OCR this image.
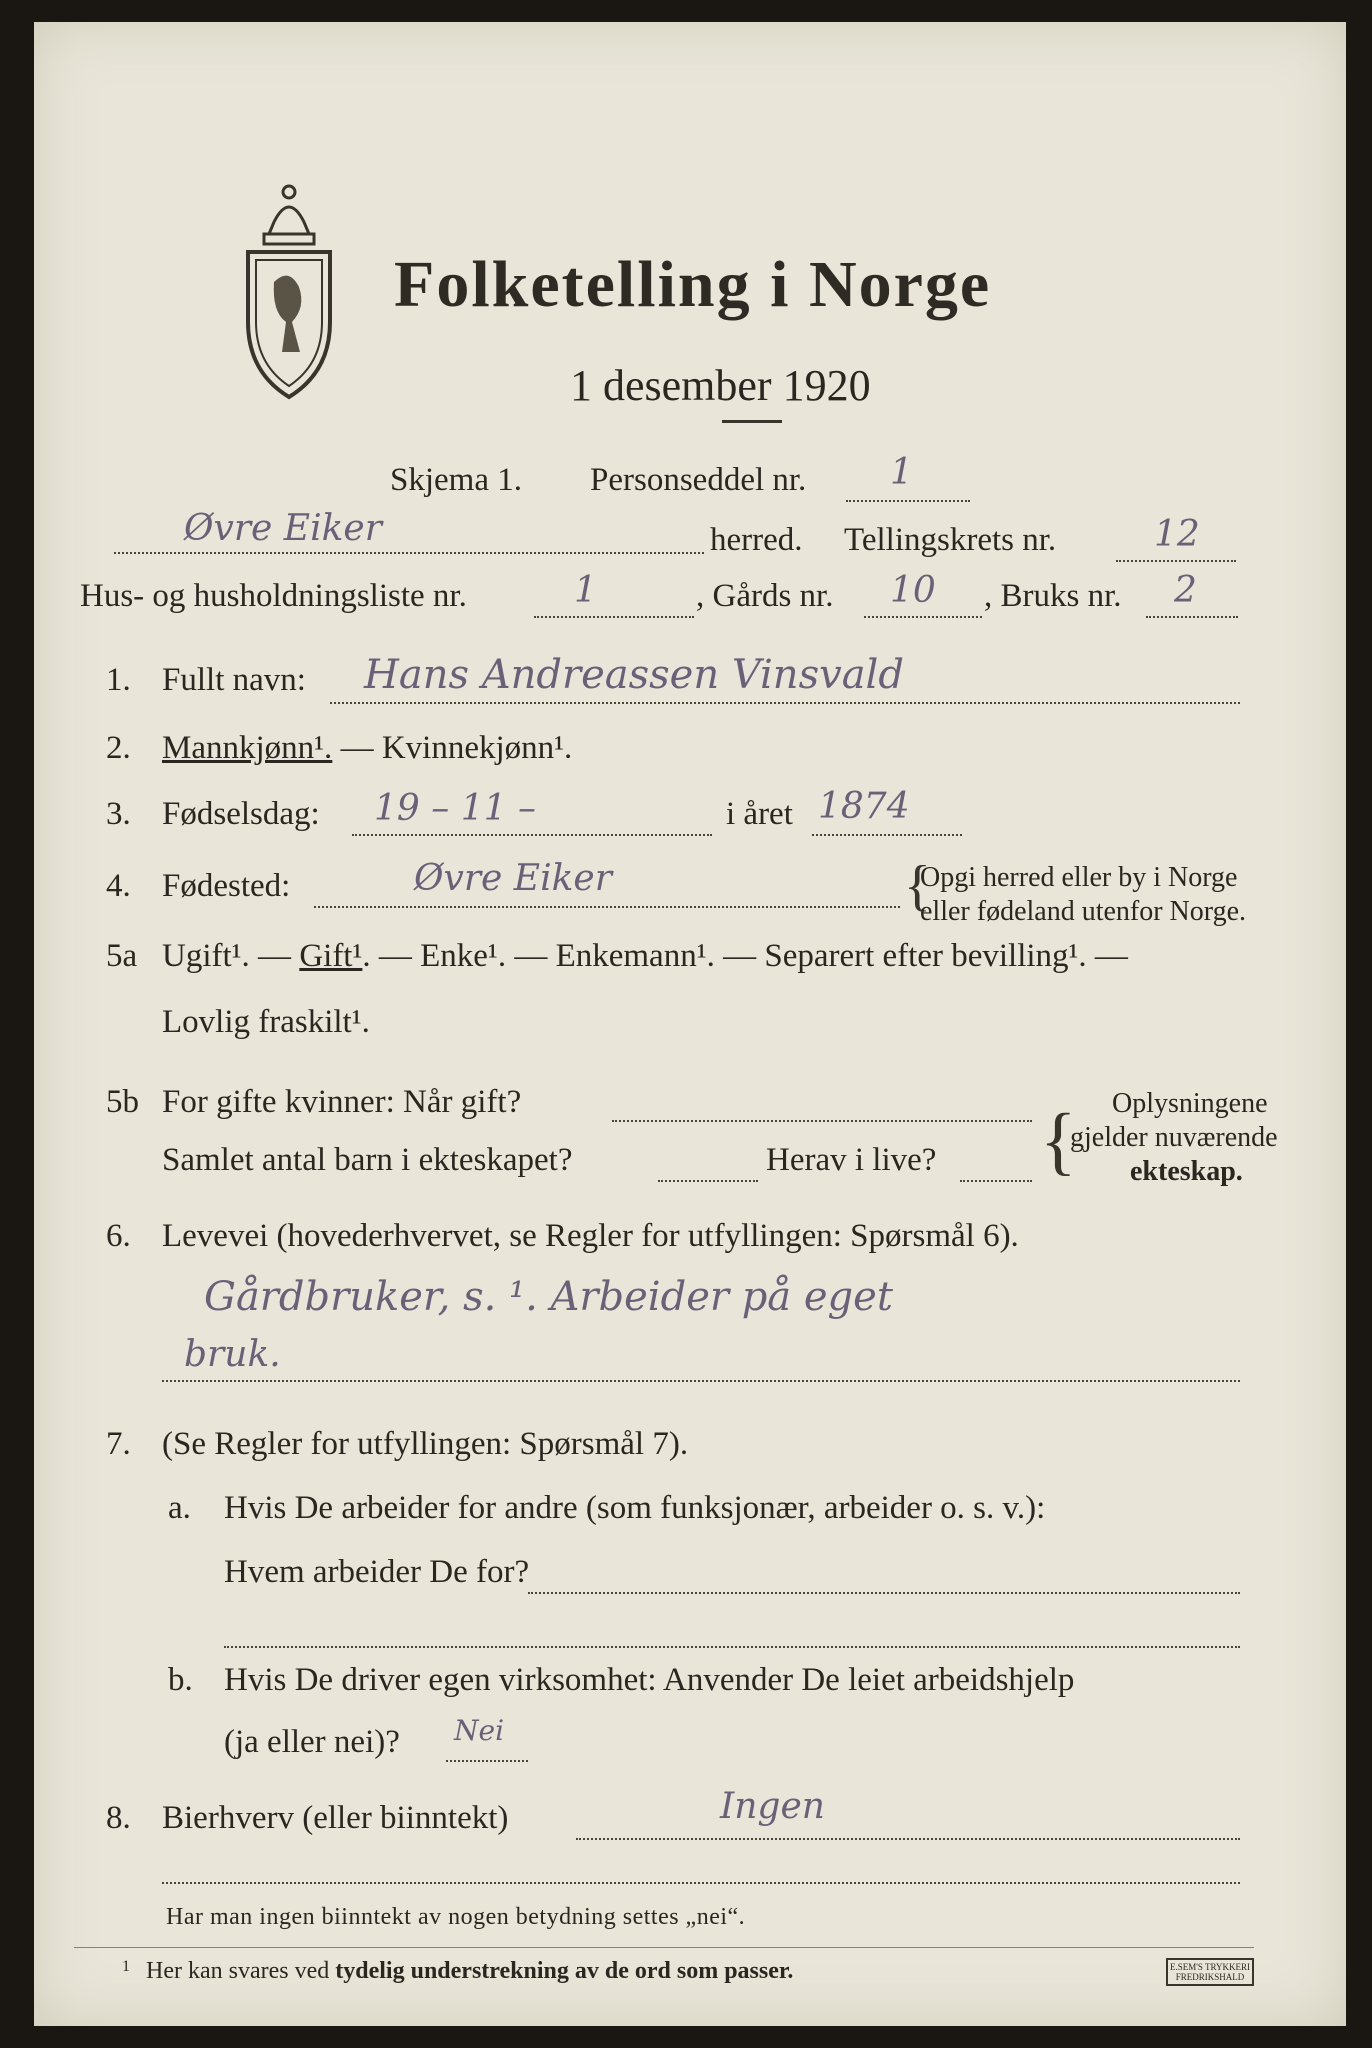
Folketelling i Norge
1 desember 1920
Skjema 1. Personseddel nr. 1
Øvre Eiker	herred. Tellingskrets nr.	12
Hus- og husholdningsliste nr.	1	, Gårds nr. 10 , Bruks nr. 2
1. Fullt navn: Hans Andreassen Vinsvald
2. Mannkjønn¹. — Kvinnekjønn¹.
3. Fødselsdag: 19 – 11 –	i året 1874
4. Fødested:	Øvre Eiker	{
Opgi herred eller by i Norge
eller fødeland utenfor Norge.
5a Ugift¹. — Gift¹. — Enke¹. — Enkemann¹. — Separert efter bevilling¹. —
Lovlig fraskilt¹.
5b For gifte kvinner: Når gift?
Samlet antal barn i ekteskapet?	Herav i live? { Oplysningene
gjelder nuværende
ekteskap.
6. Levevei (hovederhvervet, se Regler for utfyllingen: Spørsmål 6).
Gårdbruker, s. ¹. Arbeider på eget
bruk.
7. (Se Regler for utfyllingen: Spørsmål 7).
a. Hvis De arbeider for andre (som funksjonær, arbeider o. s. v.):
Hvem arbeider De for?
b. Hvis De driver egen virksomhet: Anvender De leiet arbeidshjelp
(ja eller nei)? Nei
8. Bierhverv (eller biinntekt)	Ingen
Har man ingen biinntekt av nogen betydning settes „nei“.
1 Her kan svares ved tydelig understrekning av de ord som passer.	E.SEM'S TRYKKERI FREDRIKSHALD
